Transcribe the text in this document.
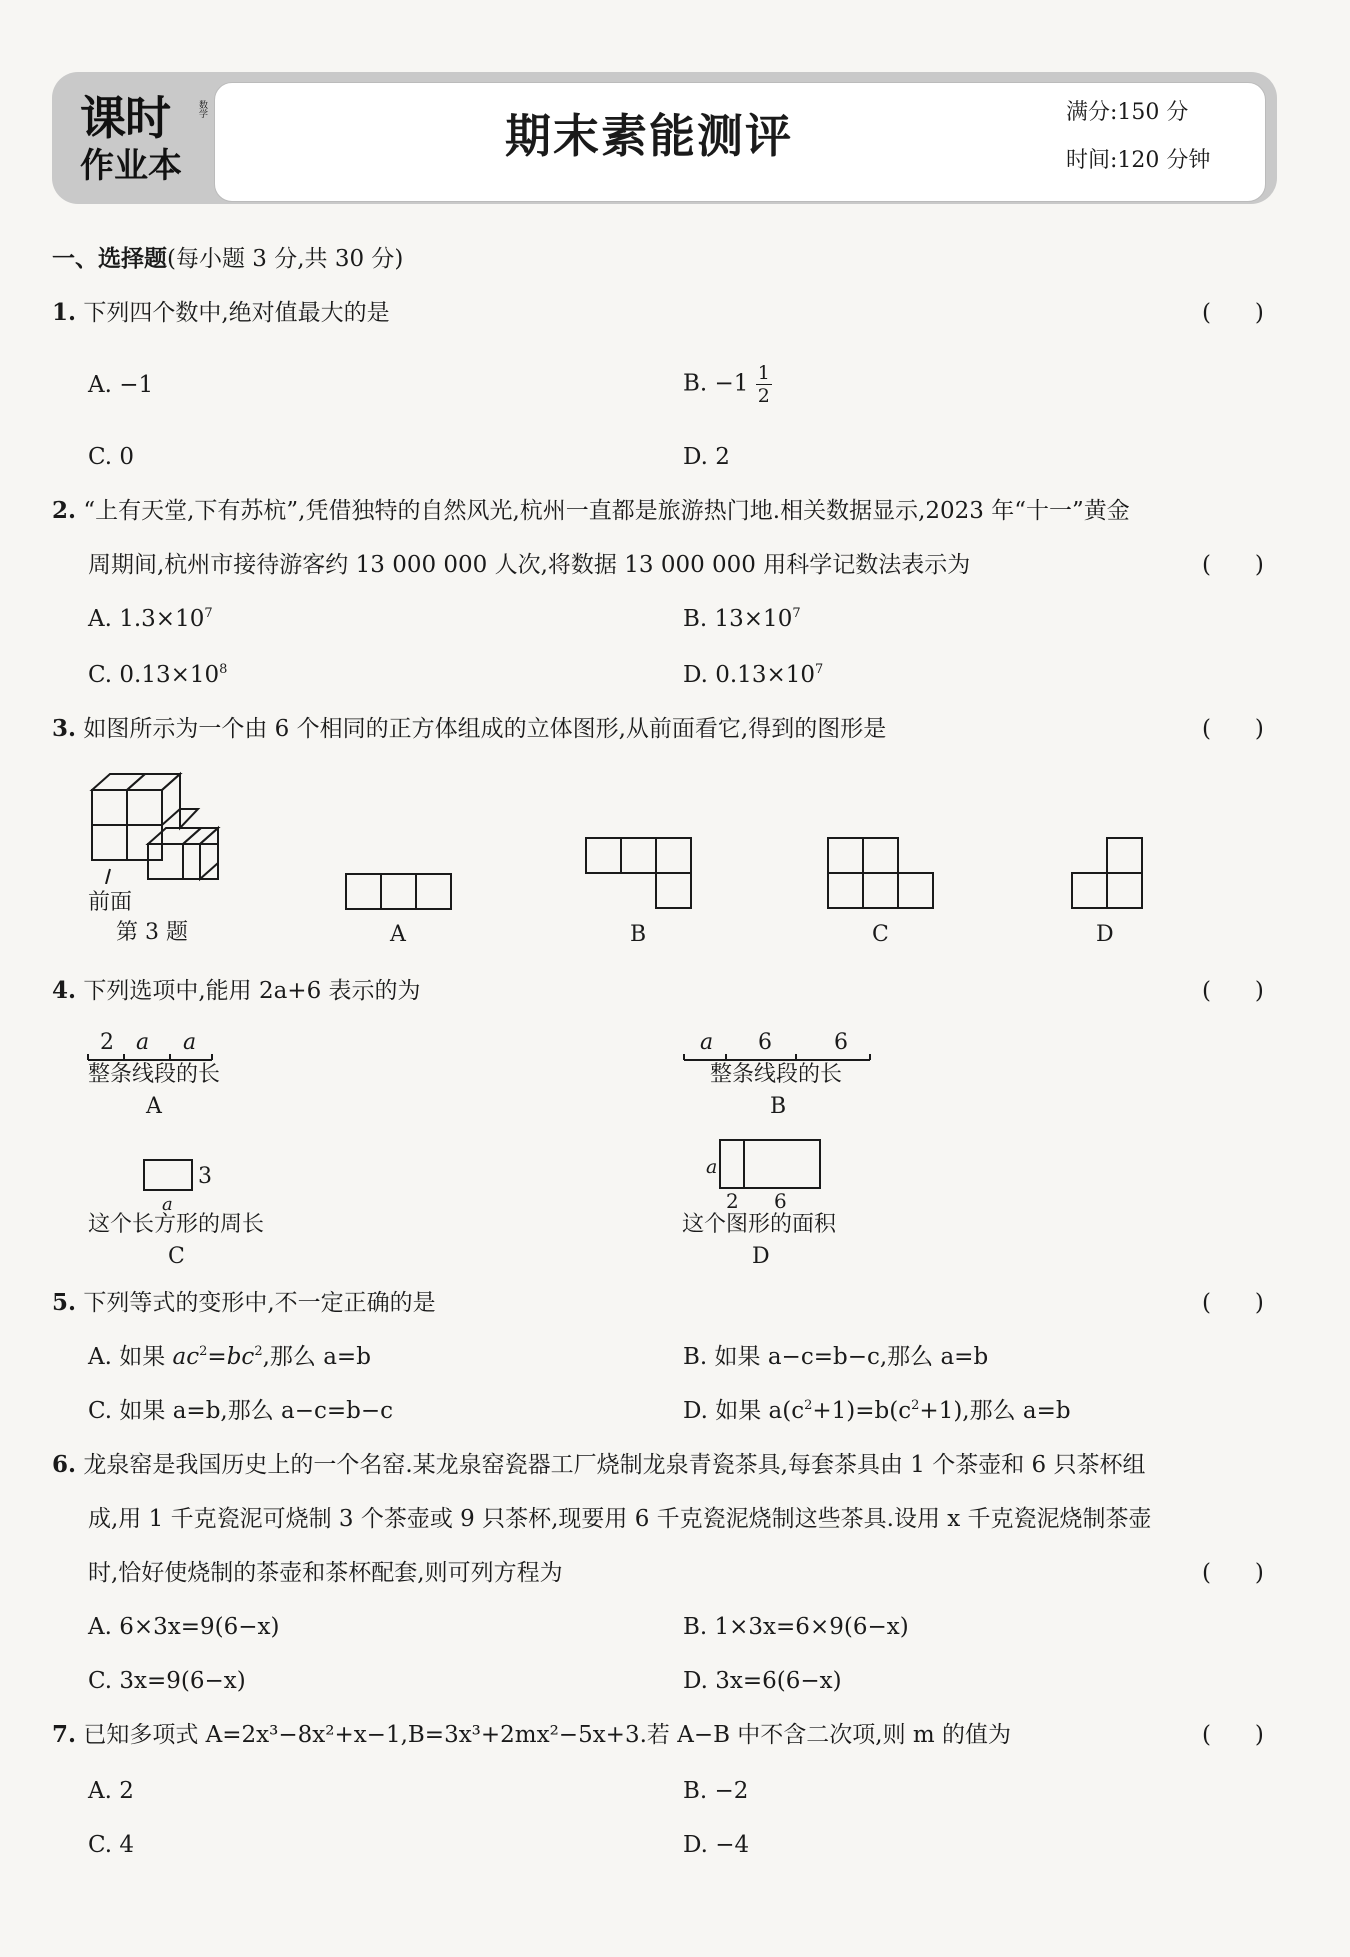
课时
作业本
数学	期末素能测评	满分:150 分
时间:120 分钟
一、选择题(每小题 3 分,共 30 分)
1. 下列四个数中,绝对值最大的是	(      )
A. −1	B. $-1 \frac{1}{2}$
C. 0	D. 2
2. “上有天堂,下有苏杭”,凭借独特的自然风光,杭州一直都是旅游热门地.相关数据显示,2023 年“十一”黄金
周期间,杭州市接待游客约 13 000 000 人次,将数据 13 000 000 用科学记数法表示为	(      )
A. $1.3\times 10^7$	B. $13\times 10^7$
C. $0.13\times 10^8$	D. $0.13\times 10^7$
3. 如图所示为一个由 6 个相同的正方体组成的立体图形,从前面看它,得到的图形是	(      )
前面
第 3 题	A	B	C	D
4. 下列选项中,能用 2a+6 表示的为	(      )
2 a a
整条线段的长
A
a 6	6
整条线段的长
B
3
a
这个长方形的周长
C
a
2 6
这个图形的面积
D
5. 下列等式的变形中,不一定正确的是	(      )
A. 如果 $ac^2=bc^2$,那么 a=b	B. 如果 a−c=b−c,那么 a=b
C. 如果 a=b,那么 a−c=b−c	D. 如果 $a(c^2+1)=b(c^2+1)$,那么 a=b
6. 龙泉窑是我国历史上的一个名窑.某龙泉窑瓷器工厂烧制龙泉青瓷茶具,每套茶具由 1 个茶壶和 6 只茶杯组
成,用 1 千克瓷泥可烧制 3 个茶壶或 9 只茶杯,现要用 6 千克瓷泥烧制这些茶具.设用 x 千克瓷泥烧制茶壶
时,恰好使烧制的茶壶和茶杯配套,则可列方程为	(      )
A. 6×3x=9(6−x)	B. 1×3x=6×9(6−x)
C. 3x=9(6−x)	D. 3x=6(6−x)
7. 已知多项式 A=2x³−8x²+x−1,B=3x³+2mx²−5x+3.若 A−B 中不含二次项,则 m 的值为	(      )
A. 2	B. −2
C. 4	D. −4
